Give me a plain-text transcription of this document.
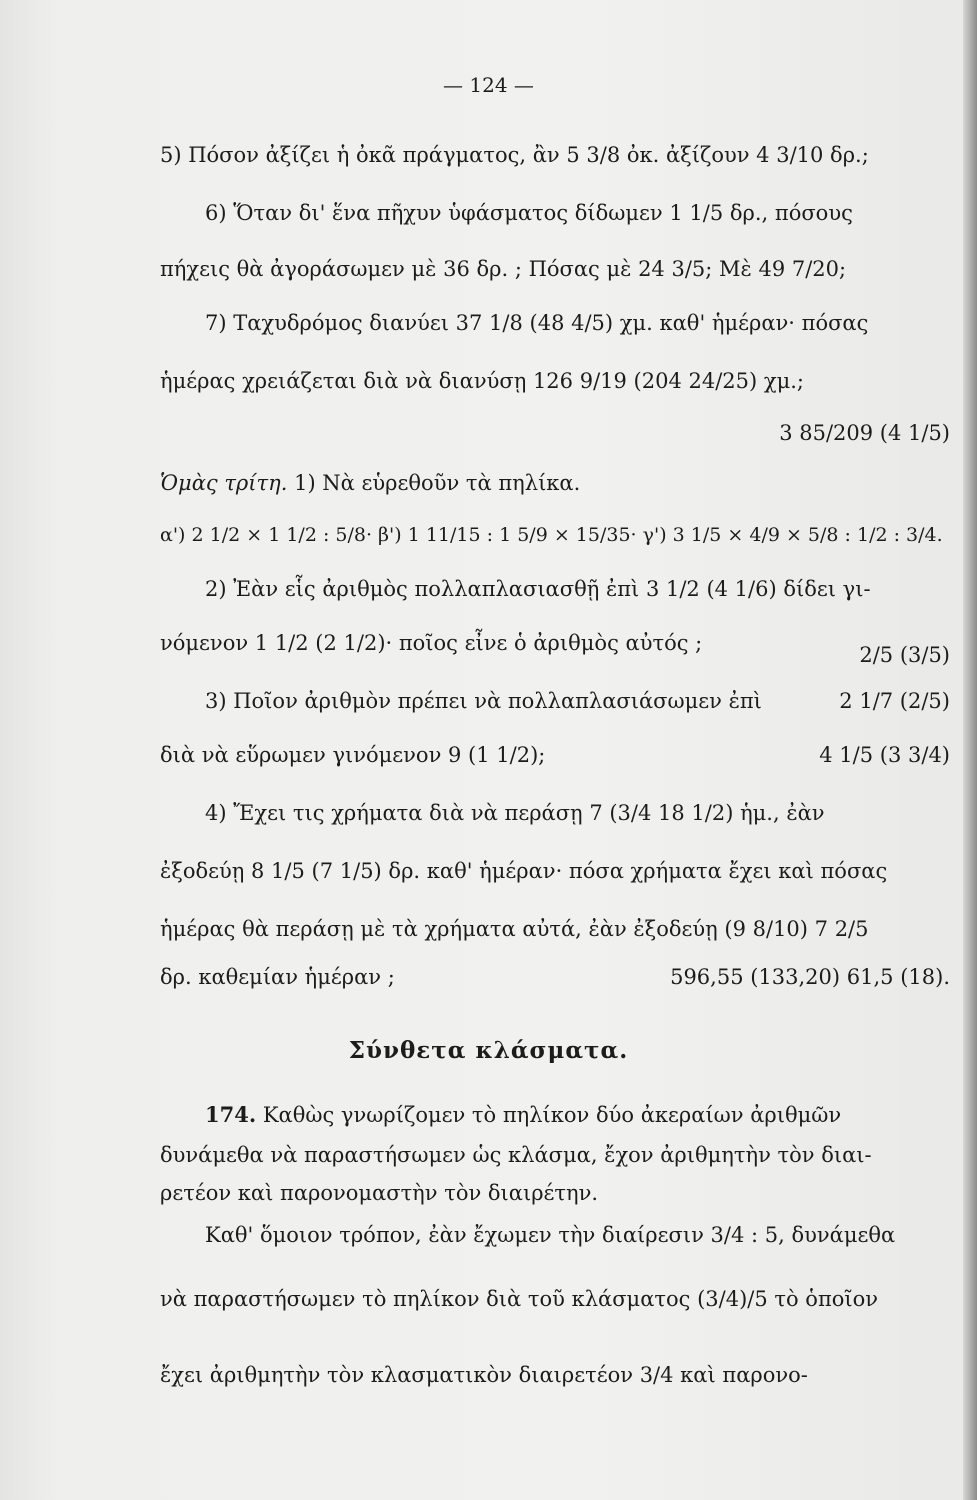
— 124 —
5) Πόσον ἀξίζει ἡ ὀκᾶ πράγματος, ἂν 5 3/8 ὀκ. ἀξίζουν 4 3/10 δρ.;
6) Ὅταν δι' ἕνα πῆχυν ὑφάσματος δίδωμεν 1 1/5 δρ., πόσους
πήχεις θὰ ἀγοράσωμεν μὲ 36 δρ. ; Πόσας μὲ 24 3/5; Μὲ 49 7/20;
7) Ταχυδρόμος διανύει 37 1/8 (48 4/5) χμ. καθ' ἡμέραν· πόσας
ἡμέρας χρειάζεται διὰ νὰ διανύσῃ 126 9/19 (204 24/25) χμ.;
3 85/209 (4 1/5)
Ὁμὰς τρίτη. 1) Νὰ εὑρεθοῦν τὰ πηλίκα.
α') 2 1/2 × 1 1/2 : 5/8· β') 1 11/15 : 1 5/9 × 15/35· γ') 3 1/5 × 4/9 × 5/8 : 1/2 : 3/4.
2) Ἐὰν εἷς ἀριθμὸς πολλαπλασιασθῇ ἐπὶ 3 1/2 (4 1/6) δίδει γι-
νόμενον 1 1/2 (2 1/2)· ποῖος εἶνε ὁ ἀριθμὸς αὐτός ;	2/5 (3/5)
3) Ποῖον ἀριθμὸν πρέπει νὰ πολλαπλασιάσωμεν ἐπὶ	2 1/7 (2/5)
διὰ νὰ εὕρωμεν γινόμενον 9 (1 1/2);	4 1/5 (3 3/4)
4) Ἔχει τις χρήματα διὰ νὰ περάσῃ 7 (3/4 18 1/2) ἡμ., ἐὰν
ἐξοδεύῃ 8 1/5 (7 1/5) δρ. καθ' ἡμέραν· πόσα χρήματα ἔχει καὶ πόσας
ἡμέρας θὰ περάσῃ μὲ τὰ χρήματα αὐτά, ἐὰν ἐξοδεύῃ (9 8/10) 7 2/5
δρ. καθεμίαν ἡμέραν ;	596,55 (133,20) 61,5 (18).
Σύνθετα κλάσματα.
174. Καθὼς γνωρίζομεν τὸ πηλίκον δύο ἀκεραίων ἀριθμῶν
δυνάμεθα νὰ παραστήσωμεν ὡς κλάσμα, ἔχον ἀριθμητὴν τὸν διαι-
ρετέον καὶ παρονομαστὴν τὸν διαιρέτην.
Καθ' ὅμοιον τρόπον, ἐὰν ἔχωμεν τὴν διαίρεσιν 3/4 : 5, δυνάμεθα
νὰ παραστήσωμεν τὸ πηλίκον διὰ τοῦ κλάσματος (3/4)/5 τὸ ὁποῖον
ἔχει ἀριθμητὴν τὸν κλασματικὸν διαιρετέον 3/4 καὶ παρονο-
